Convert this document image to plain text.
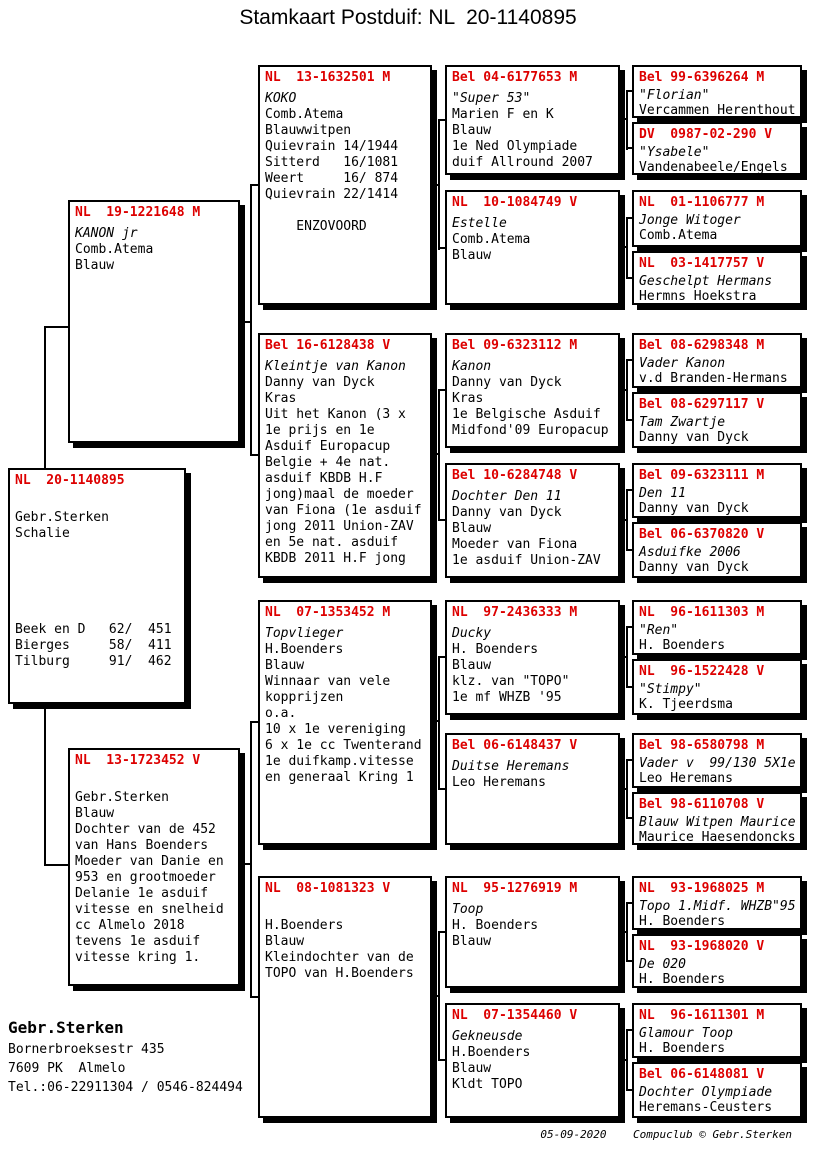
Stamkaart Postduif: NL  20-1140895
Gebr.Sterken
Bornerbroeksestr 435
7609 PK  Almelo
Tel.:06-22911304 / 0546-824494
05-09-2020    Compuclub © Gebr.Sterken
NL  20-1140895
Gebr.Sterken
Schalie
Beek en D   62/  451
Bierges     58/  411
Tilburg     91/  462
NL  19-1221648 M
KANON jr
Comb.Atema
Blauw
NL  13-1723452 V
Gebr.Sterken
Blauw
Dochter van de 452
van Hans Boenders
Moeder van Danie en
953 en grootmoeder
Delanie 1e asduif
vitesse en snelheid
cc Almelo 2018
tevens 1e asduif
vitesse kring 1.
NL  13-1632501 M
KOKO
Comb.Atema
Blauwwitpen
Quievrain 14/1944
Sitterd   16/1081
Weert     16/ 874
Quievrain 22/1414
ENZOVOORD
Bel 16-6128438 V
Kleintje van Kanon
Danny van Dyck
Kras
Uit het Kanon (3 x
1e prijs en 1e
Asduif Europacup
Belgie + 4e nat.
asduif KBDB H.F
jong)maal de moeder
van Fiona (1e asduif
jong 2011 Union-ZAV
en 5e nat. asduif
KBDB 2011 H.F jong
NL  07-1353452 M
Topvlieger
H.Boenders
Blauw
Winnaar van vele
kopprijzen
o.a.
10 x 1e vereniging
6 x 1e cc Twenterand
1e duifkamp.vitesse
en generaal Kring 1
NL  08-1081323 V
H.Boenders
Blauw
Kleindochter van de
TOPO van H.Boenders
Bel 04-6177653 M
"Super 53"
Marien F en K
Blauw
1e Ned Olympiade
duif Allround 2007
NL  10-1084749 V
Estelle
Comb.Atema
Blauw
Bel 09-6323112 M
Kanon
Danny van Dyck
Kras
1e Belgische Asduif
Midfond'09 Europacup
Bel 10-6284748 V
Dochter Den 11
Danny van Dyck
Blauw
Moeder van Fiona
1e asduif Union-ZAV
NL  97-2436333 M
Ducky
H. Boenders
Blauw
klz. van "TOPO"
1e mf WHZB '95
Bel 06-6148437 V
Duitse Heremans
Leo Heremans
NL  95-1276919 M
Toop
H. Boenders
Blauw
NL  07-1354460 V
Gekneusde
H.Boenders
Blauw
Kldt TOPO
Bel 99-6396264 M
"Florian"
Vercammen Herenthout
DV  0987-02-290 V
"Ysabele"
Vandenabeele/Engels
NL  01-1106777 M
Jonge Witoger
Comb.Atema
NL  03-1417757 V
Geschelpt Hermans
Hermns Hoekstra
Bel 08-6298348 M
Vader Kanon
v.d Branden-Hermans
Bel 08-6297117 V
Tam Zwartje
Danny van Dyck
Bel 09-6323111 M
Den 11
Danny van Dyck
Bel 06-6370820 V
Asduifke 2006
Danny van Dyck
NL  96-1611303 M
"Ren"
H. Boenders
NL  96-1522428 V
"Stimpy"
K. Tjeerdsma
Bel 98-6580798 M
Vader v  99/130 5X1e
Leo Heremans
Bel 98-6110708 V
Blauw Witpen Maurice
Maurice Haesendoncks
NL  93-1968025 M
Topo 1.Midf. WHZB"95
H. Boenders
NL  93-1968020 V
De 020
H. Boenders
NL  96-1611301 M
Glamour Toop
H. Boenders
Bel 06-6148081 V
Dochter Olympiade
Heremans-Ceusters
